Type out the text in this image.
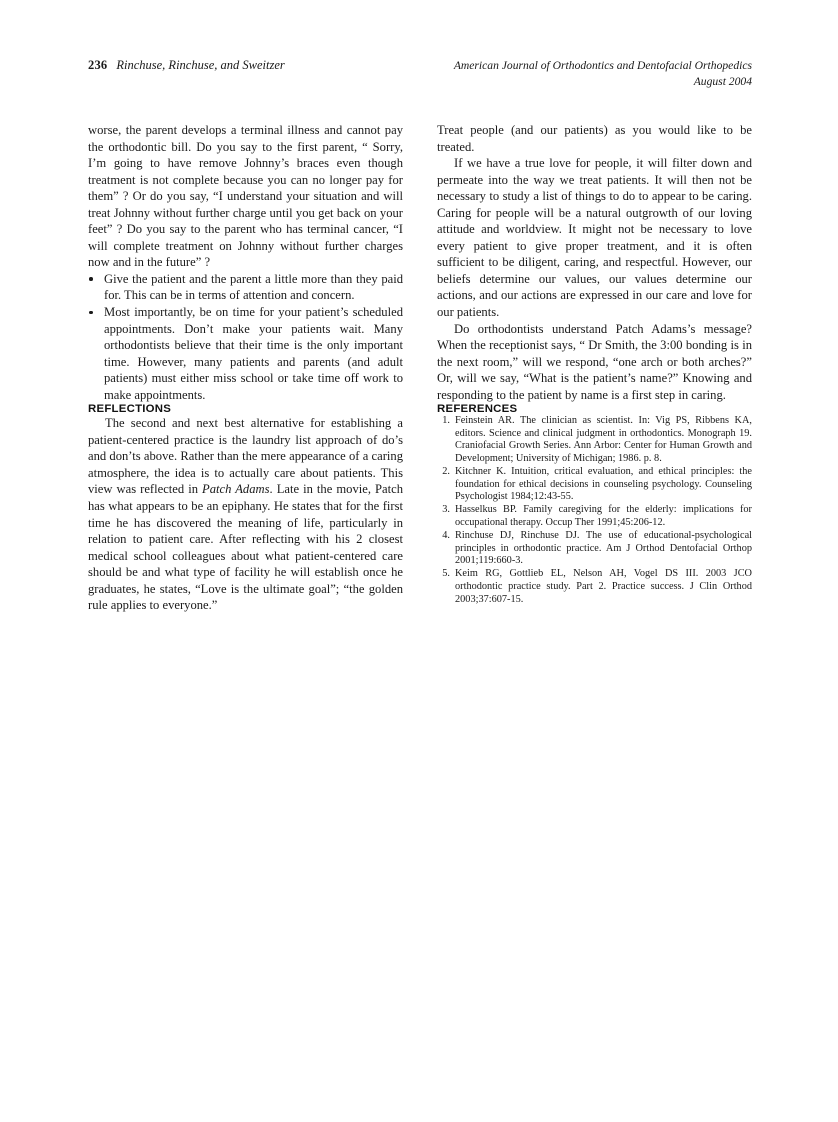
236 Rinchuse, Rinchuse, and Sweitzer	American Journal of Orthodontics and Dentofacial Orthopedics
August 2004

worse, the parent develops a terminal illness and cannot pay the orthodontic bill. Do you say to the first parent, “ Sorry, I’m going to have remove Johnny’s braces even though treatment is not complete because you can no longer pay for them” ? Or do you say, “I understand your situation and will treat Johnny without further charge until you get back on your feet” ? Do you say to the parent who has terminal cancer, “I will complete treatment on Johnny without further charges now and in the future” ?

Give the patient and the parent a little more than they paid for. This can be in terms of attention and concern.
Most importantly, be on time for your patient’s scheduled appointments. Don’t make your patients wait. Many orthodontists believe that their time is the only important time. However, many patients and parents (and adult patients) must either miss school or take time off work to make appointments.
REFLECTIONS

The second and next best alternative for establishing a patient-centered practice is the laundry list approach of do’s and don’ts above. Rather than the mere appearance of a caring atmosphere, the idea is to actually care about patients. This view was reflected in Patch Adams. Late in the movie, Patch has what appears to be an epiphany. He states that for the first time he has discovered the meaning of life, particularly in relation to patient care. After reflecting with his 2 closest medical school colleagues about what patient-centered care should be and what type of facility he will establish once he graduates, he states, “Love is the ultimate goal”; “the golden rule applies to everyone.”

Treat people (and our patients) as you would like to be treated.

If we have a true love for people, it will filter down and permeate into the way we treat patients. It will then not be necessary to study a list of things to do to appear to be caring. Caring for people will be a natural outgrowth of our loving attitude and worldview. It might not be necessary to love every patient to give proper treatment, and it is often sufficient to be diligent, caring, and respectful. However, our beliefs determine our values, our values determine our actions, and our actions are expressed in our care and love for our patients.

Do orthodontists understand Patch Adams’s message? When the receptionist says, “ Dr Smith, the 3:00 bonding is in the next room,” will we respond, “one arch or both arches?” Or, will we say, “What is the patient’s name?” Knowing and responding to the patient by name is a first step in caring.

REFERENCES
1. Feinstein AR. The clinician as scientist. In: Vig PS, Ribbens KA, editors. Science and clinical judgment in orthodontics. Monograph 19. Craniofacial Growth Series. Ann Arbor: Center for Human Growth and Development; University of Michigan; 1986. p. 8.
2. Kitchner K. Intuition, critical evaluation, and ethical principles: the foundation for ethical decisions in counseling psychology. Counseling Psychologist 1984;12:43-55.
3. Hasselkus BP. Family caregiving for the elderly: implications for occupational therapy. Occup Ther 1991;45:206-12.
4. Rinchuse DJ, Rinchuse DJ. The use of educational-psychological principles in orthodontic practice. Am J Orthod Dentofacial Orthop 2001;119:660-3.
5. Keim RG, Gottlieb EL, Nelson AH, Vogel DS III. 2003 JCO orthodontic practice study. Part 2. Practice success. J Clin Orthod 2003;37:607-15.
